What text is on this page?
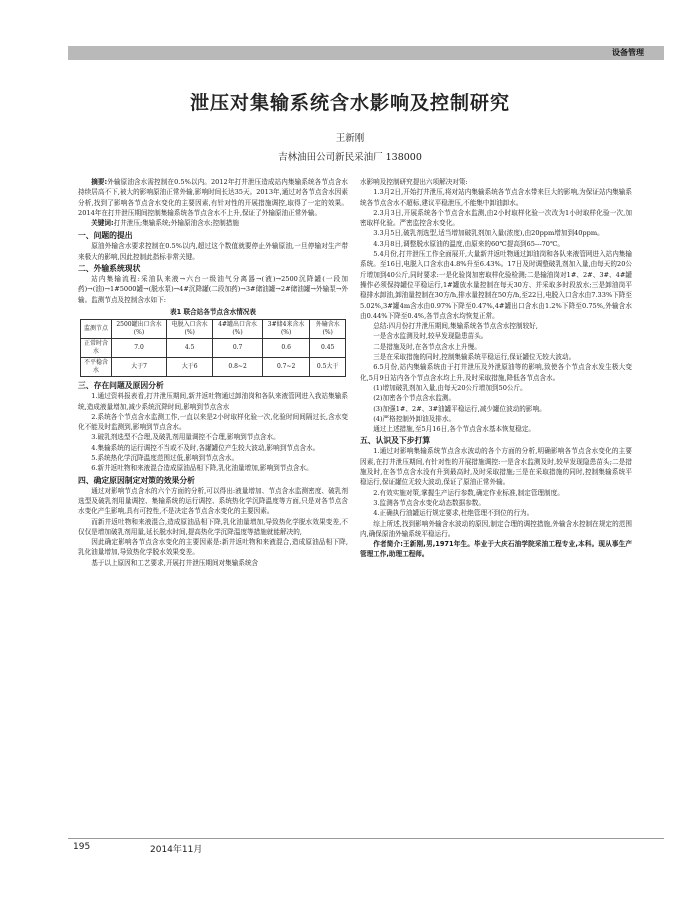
设备管理
泄压对集输系统含水影响及控制研究
王新刚
吉林油田公司新民采油厂 138000

摘要:外输原油含水需控制在0.5%以内。2012年打井泄压造成站内集输系统各节点含水持续居高不下,被大的影响原油正常外输,影响时间长达35天。2013年,通过对各节点含水因素分析,找到了影响各节点含水变化的主要因素,有针对性的开展措施调控,取得了一定的效果。2014年在打井泄压期间控制集输系统各节点含水不上升,保证了外输原油正常外输。

关键词:打井泄压;集输系统;外输原油含水;控制措施

一、问题的提出

原油外输含水要求控制在0.5%以内,超过这个数值就要停止外输原油,一旦停输对生产带来极大的影响,因此控制此指标非常关键。

二、外输系统现状

站内集输流程:采油队来液→六台一级油气分离器→(液)→2500沉降罐(一段加药)→(油)→1#5000罐→(脱水泵)→4#沉降罐(二段加药)→3#储油罐→2#储油罐→外输泵→外输。监测节点及控制含水如下:

表1 联合站各节点含水情况表
监测节点	2500罐出口含水(%)	电脱入口含水(%)	4#罐出口含水(%)	3#储4来含水(%)	外输含水(%)
正常时含水	7.0	4.5	0.7	0.6	0.45
不平稳含水	大于7	大于6	0.8~2	0.7~2	0.5大于
三、存在问题及原因分析

1.通过资料报表看,打井泄压期间,新井返吐物通过卸油岗和各队来液管网进入我站集输系统,造成液量增加,减少系统沉降时间,影响到节点含水

2.系统各个节点含水监测工作,一直以来是2小时取样化验一次,化验时间间隔过长,含水变化不能及时监测到,影响到节点含水。

3.破乳剂选型不合理,及破乳剂用量调控不合理,影响到节点含水。

4.集输系统的运行调控不当或不及时,各罐罐位产生较大波动,影响到节点含水。

5.系统热化学沉降温度范围过低,影响到节点含水。

6.新井返吐物和来液混合造成原油品相下降,乳化油量增加,影响到节点含水。

四、确定原因制定对策的效果分析

通过对影响节点含水的六个方面的分析,可以得出:液量增加、节点含水监测密度、破乳剂选型及破乳剂用量调控、集输系统的运行调控、系统热化学沉降温度等方面,只是对各节点含水变化产生影响,具有可控性,不是决定各节点含水变化的主要因素。

而新井返吐物和来液混合,造成原油品相下降,乳化油量增加,导致热化学脱水效果变差,不仅仅是增加破乳剂用量,延长脱水时间,提高热化学沉降温度等措施就能解决的,

因此确定影响各节点含水变化的主要因素是:新井返吐物和来液混合,造成原油品相下降,乳化油量增加,导致热化学脱水效果变差。

基于以上原因和工艺要求,开展打井泄压期间对集输系统含

水影响及控制研究提出六项解决对策:

1.3月2日,开始打井泄压,将对站内集输系统各节点含水带来巨大的影响,为保证站内集输系统各节点含水不超标,建议平稳泄压,不能集中卸油卸水。

2.3月3日,开展系统各个节点含水监测,由2小时取样化验一次改为1小时取样化验一次,加密取样化验。严密监控含水变化。

3.3月5日,破乳剂选型,适当增加破乳剂加入量(浓度),由20ppm增加到40ppm。

4.3月8日,调整脱水原油的温度,由原来的60℃提高到65---70℃。

5.4月份,打井泄压工作全面展开,大量新井返吐物通过卸油岗和各队来液管网进入站内集输系统。至16日,电脱入口含水由4.8%升至6.43%。17日及时调整破乳剂加入量,由每天的20公斤增加到40公斤,同时要求:一是化验岗加密取样化验检测;二是输油岗对1#、2#、3#、4#罐操作必须保持罐位平稳运行,1#罐放水量控制在每天30方、并采取多时段放水;三是卸油岗平稳排水卸油,卸油量控制在30方/h,排水量控制在50方/h,至22日,电脱入口含水由7.33%下降至5.02%,3#罐4m含水由0.97%下降至0.47%,4#罐出口含水由1.2%下降至0.75%,外输含水由0.44%下降至0.4%,各节点含水均恢复正常。

总结:四月份打井泄压期间,集输系统各节点含水控制较好,

一是含水监测及时,较早发现隐患苗头。

二是措施及时,在各节点含水上升慢。

三是在采取措施的同时,控制集输系统平稳运行,保证罐位无较大波动。

6.5月份,站内集输系统由于打井泄压及外泄原油等的影响,致使各个节点含水发生极大变化,5月9日站内各个节点含水均上升,及时采取措施,降低各节点含水。

(1)增加破乳剂加入量,由每天20公斤增加到50公斤。

(2)加密各个节点含水监测。

(3)加强1#、2#、3#油罐平稳运行,减少罐位波动的影响。

(4)严格控制外卸油及排水。

通过上述措施,至5月16日,各个节点含水基本恢复稳定。

五、认识及下步打算

1.通过对影响集输系统节点含水波动的各个方面的分析,明确影响各节点含水变化的主要因素,在打井泄压期间,有针对性的开展措施调控:一是含水监测及时,较早发现隐患苗头;二是措施及时,在各节点含水没有升到最高时,及时采取措施;三是在采取措施的同时,控制集输系统平稳运行,保证罐位无较大波动,保证了原油正常外输。

2.有效实施对策,掌握生产运行参数,确定作业标准,制定管理制度。

3.监测各节点含水变化动态数据参数。

4.正确执行油罐运行规定要求,杜绝管理不到位的行为。

综上所述,找到影响外输含水波动的原因,制定合理的调控措施,外输含水控制在规定的范围内,确保原油外输系统平稳运行。

作者简介:王新刚,男,1971年生。毕业于大庆石油学院采油工程专业,本科。现从事生产管理工作,助理工程师。

195	2014年11月
